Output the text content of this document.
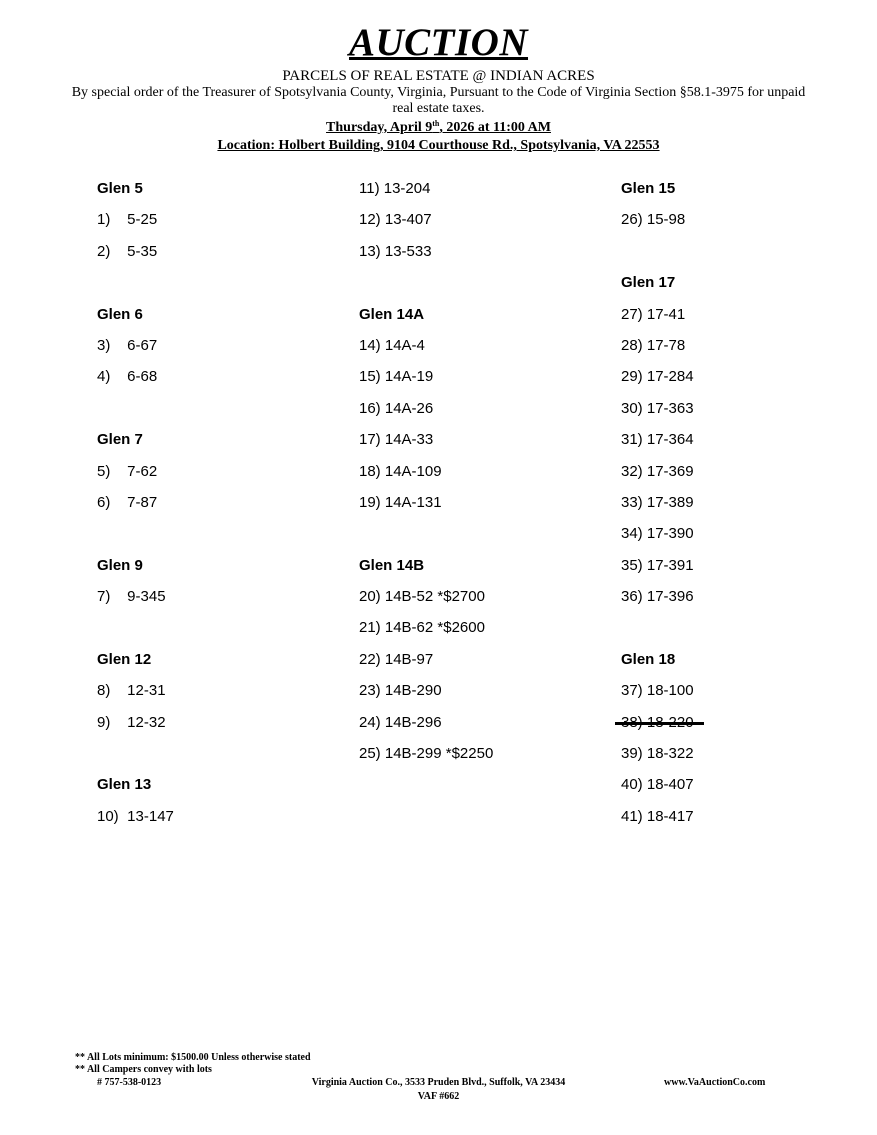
AUCTION
PARCELS OF REAL ESTATE @ INDIAN ACRES
By special order of the Treasurer of Spotsylvania County, Virginia, Pursuant to the Code of Virginia Section §58.1-3975 for unpaid real estate taxes.
Thursday, April 9th, 2026 at 11:00 AM
Location: Holbert Building, 9104 Courthouse Rd., Spotsylvania, VA 22553
Glen 5
1) 5-25
2) 5-35
Glen 6
3) 6-67
4) 6-68
Glen 7
5) 7-62
6) 7-87
Glen 9
7) 9-345
Glen 12
8) 12-31
9) 12-32
Glen 13
10) 13-147
11) 13-204
12) 13-407
13) 13-533
Glen 14A
14) 14A-4
15) 14A-19
16) 14A-26
17) 14A-33
18) 14A-109
19) 14A-131
Glen 14B
20) 14B-52 *$2700
21) 14B-62 *$2600
22) 14B-97
23) 14B-290
24) 14B-296
25) 14B-299 *$2250
Glen 15
26) 15-98
Glen 17
27) 17-41
28) 17-78
29) 17-284
30) 17-363
31) 17-364
32) 17-369
33) 17-389
34) 17-390
35) 17-391
36) 17-396
Glen 18
37) 18-100
38) 18-220
39) 18-322
40) 18-407
41) 18-417
** All Lots minimum: $1500.00 Unless otherwise stated
** All Campers convey with lots
# 757-538-0123	Virginia Auction Co., 3533 Pruden Blvd., Suffolk, VA 23434	www.VaAuctionCo.com
VAF #662
